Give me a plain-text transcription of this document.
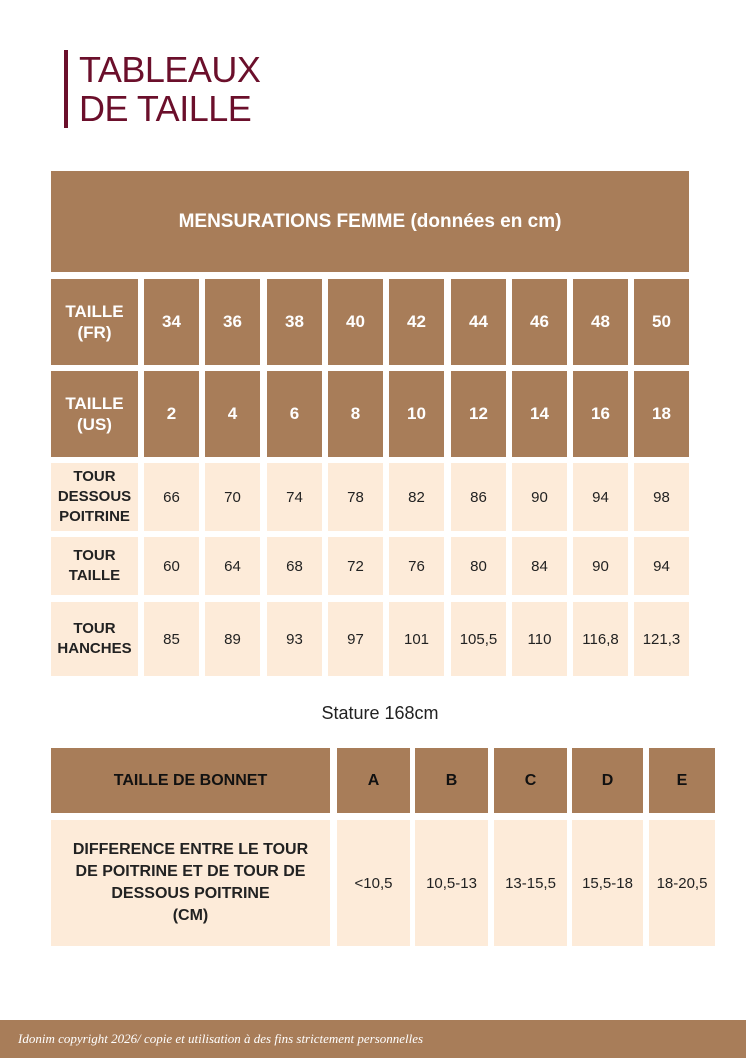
TABLEAUX
DE TAILLE
MENSURATIONS FEMME (données en cm)
TAILLE
(FR)
34 36	38 40 42	44 46 48 50
TAILLE
(US)
2	4	6	8	10	12 14 16 18
TOUR
DESSOUS
POITRINE
66	70	74	78	82	86	90	94	98
TOUR
TAILLE
60	64	68	72	76	80	84	90	94
TOUR
HANCHES
85	89	93	97	101 105,5 110 116,8 121,3
Stature 168cm
TAILLE DE BONNET	A	B	C	D	E
DIFFERENCE ENTRE LE TOUR
DE POITRINE ET DE TOUR DE
DESSOUS POITRINE
(CM)
<10,5 10,5-13 13-15,5 15,5-18 18-20,5
Idonim copyright 2026/ copie et utilisation à des fins strictement personnelles
